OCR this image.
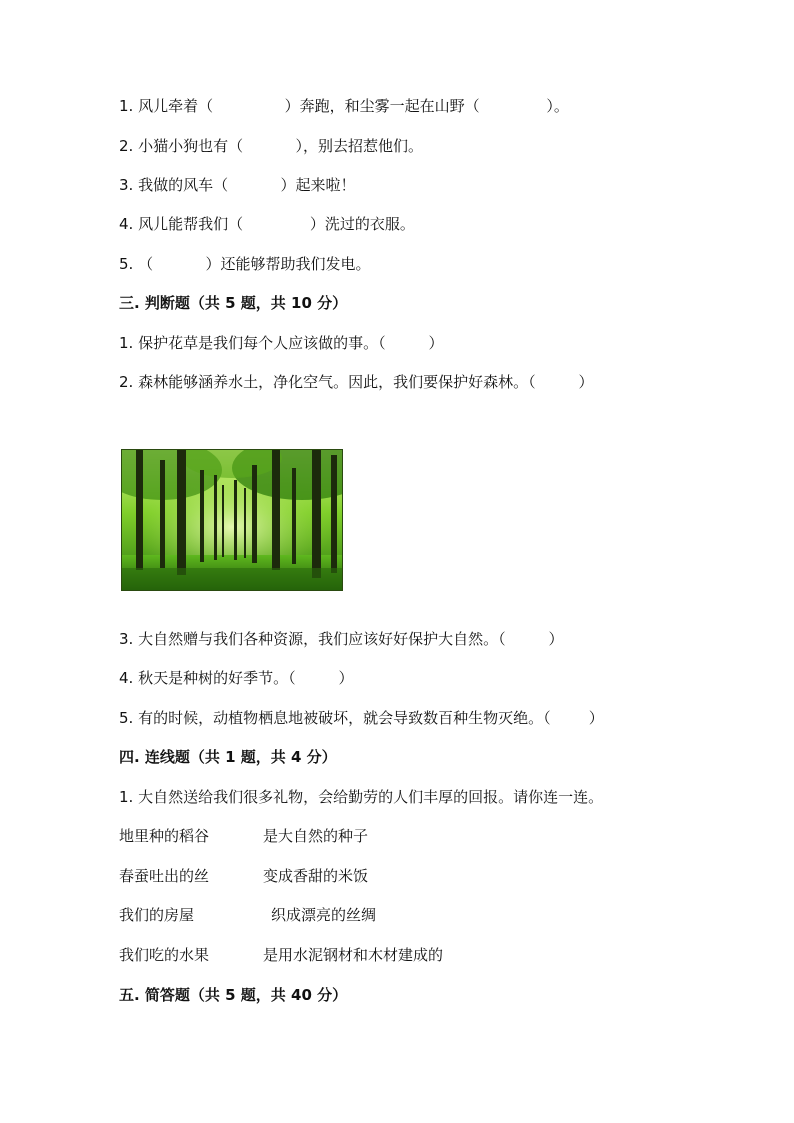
1. 风儿牵着（               ）奔跑，和尘雾一起在山野（              ）。
2. 小猫小狗也有（           ），别去招惹他们。
3. 我做的风车（           ）起来啦！
4. 风儿能帮我们（              ）洗过的衣服。
5. （           ）还能够帮助我们发电。
三. 判断题（共 5 题，共 10 分）
1. 保护花草是我们每个人应该做的事。（         ）
2. 森林能够涵养水土，净化空气。因此，我们要保护好森林。（         ）
3. 大自然赠与我们各种资源，我们应该好好保护大自然。（         ）
4. 秋天是种树的好季节。（         ）
5. 有的时候，动植物栖息地被破坏，就会导致数百种生物灭绝。（        ）
四. 连线题（共 1 题，共 4 分）
1. 大自然送给我们很多礼物，会给勤劳的人们丰厚的回报。请你连一连。
地里种的稻谷	是大自然的种子
春蚕吐出的丝	变成香甜的米饭
我们的房屋	织成漂亮的丝绸
我们吃的水果	是用水泥钢材和木材建成的
五. 简答题（共 5 题，共 40 分）
